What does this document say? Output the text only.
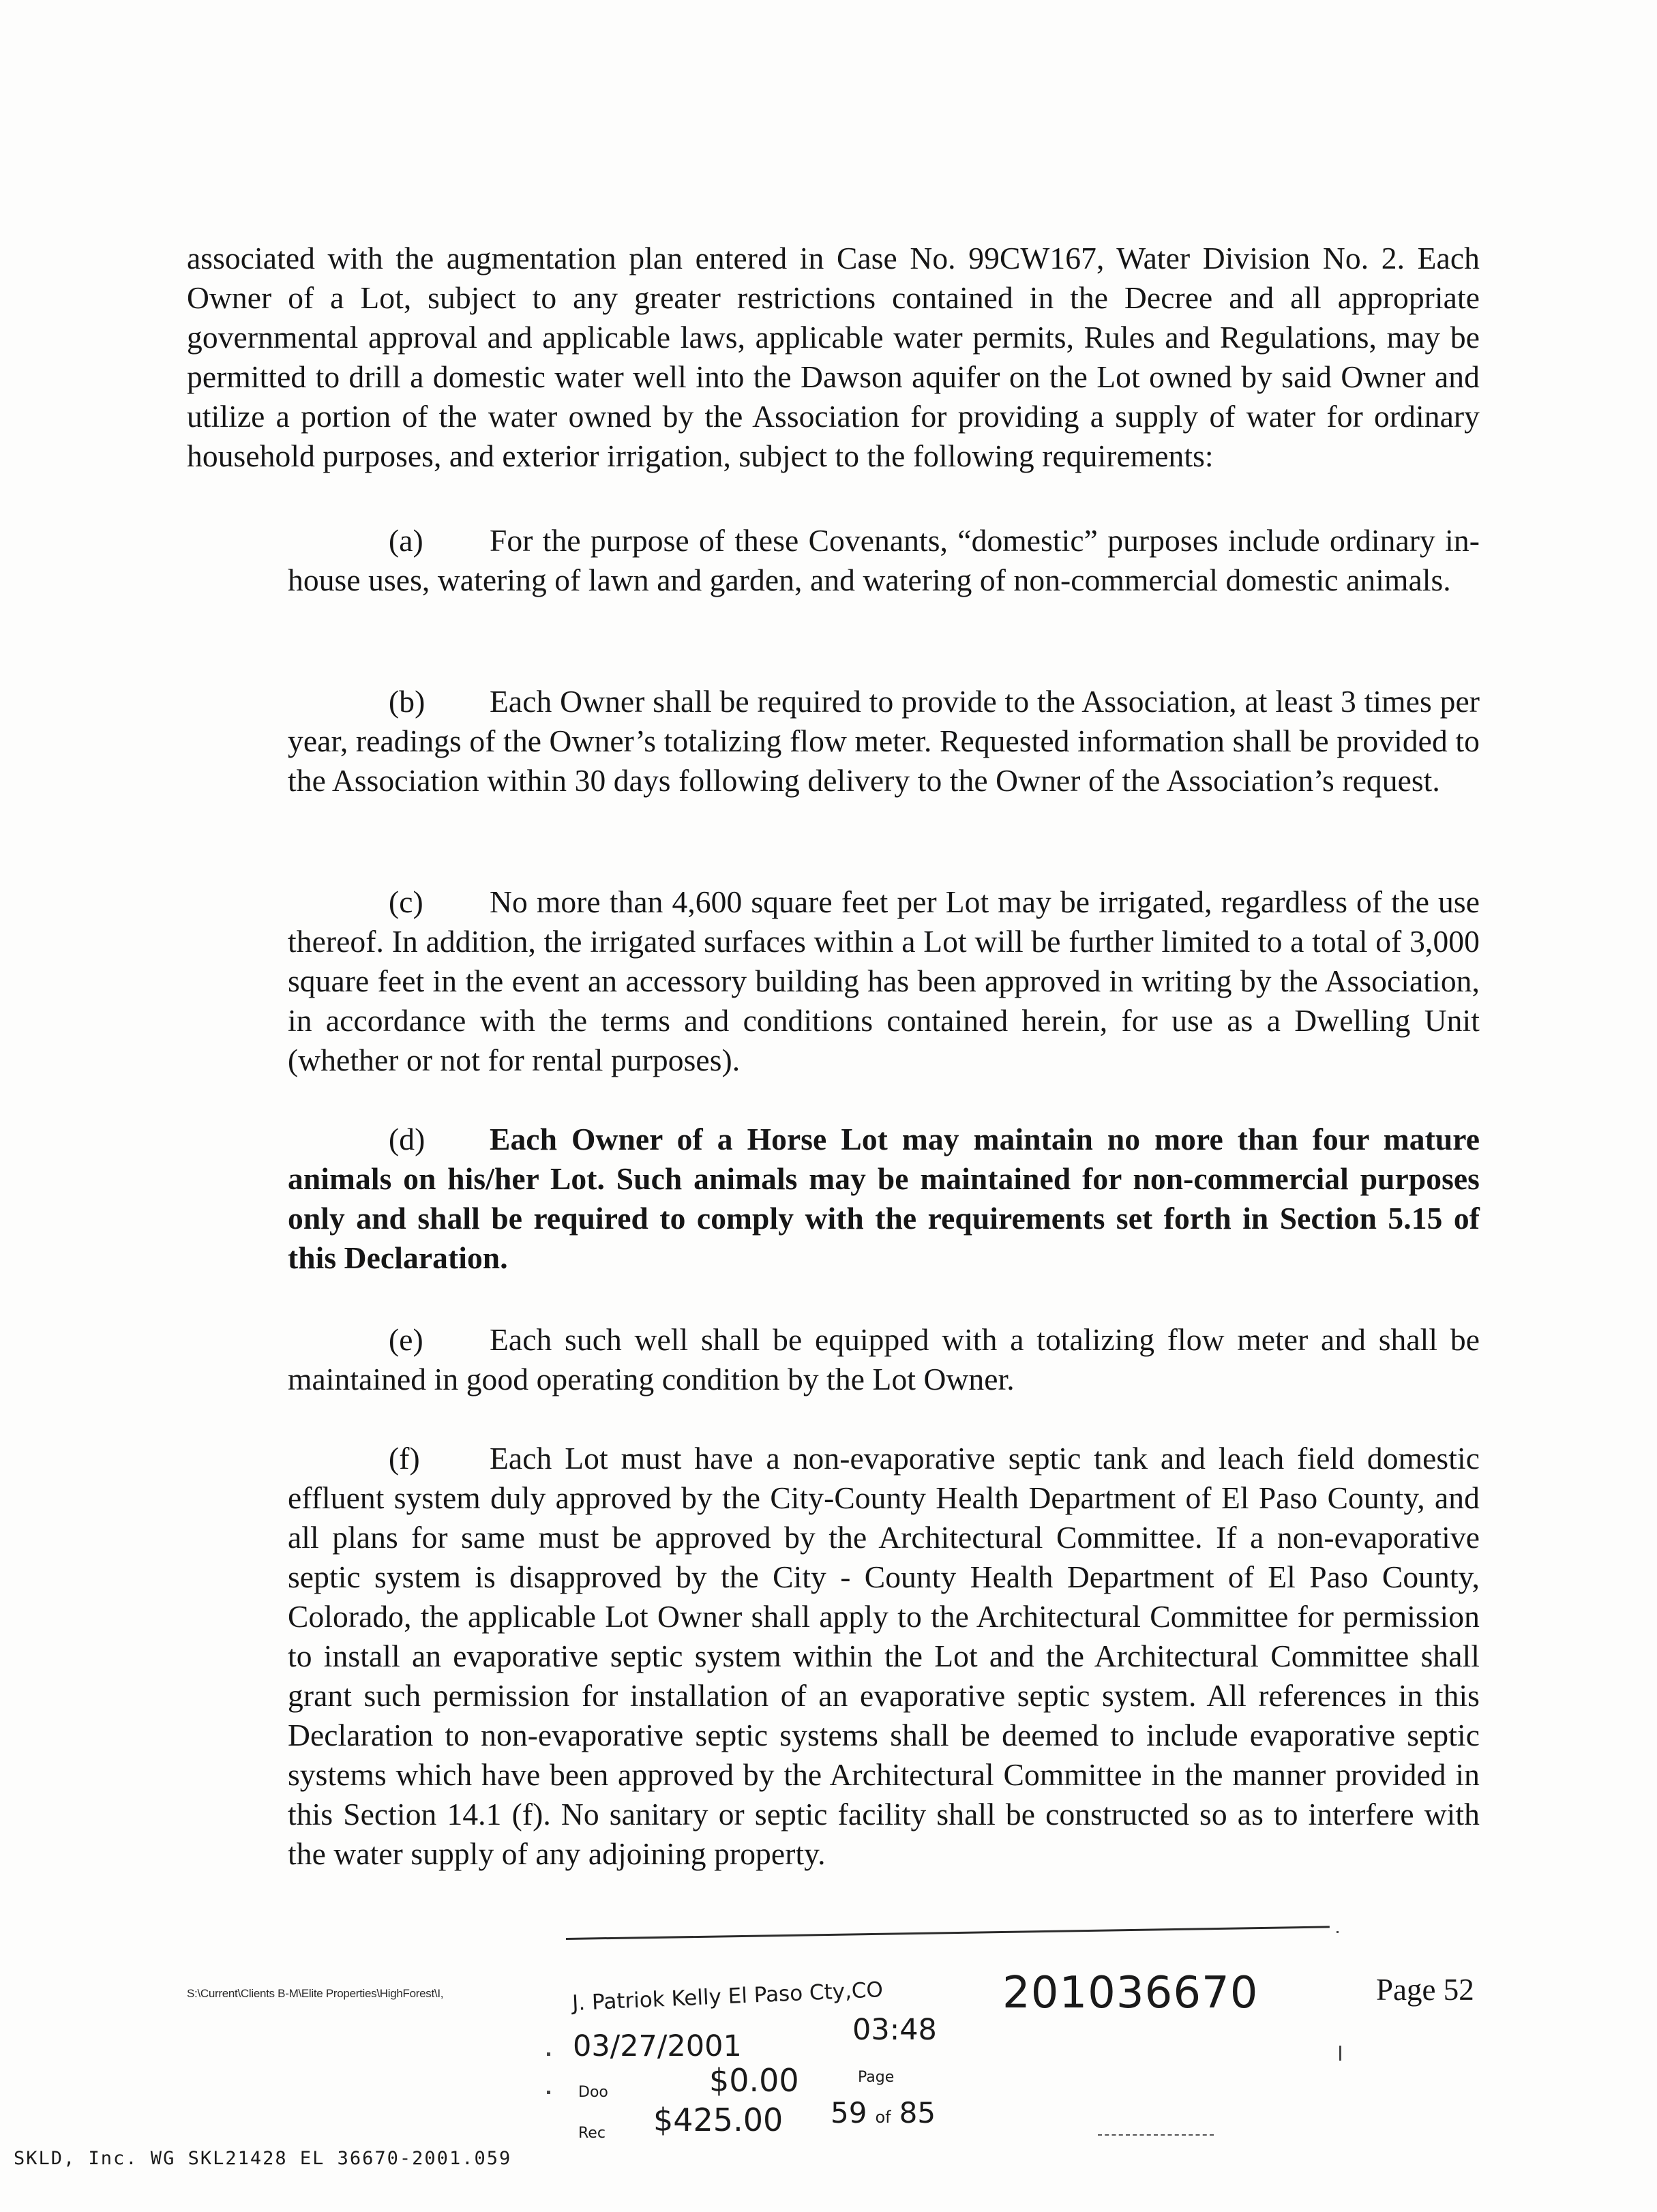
associated with the augmentation plan entered in Case No. 99CW167, Water Division No. 2. Each Owner of a Lot, subject to any greater restrictions contained in the Decree and all appropriate governmental approval and applicable laws, applicable water permits, Rules and Regulations, may be permitted to drill a domestic water well into the Dawson aquifer on the Lot owned by said Owner and utilize a portion of the water owned by the Association for providing a supply of water for ordinary household purposes, and exterior irrigation, subject to the following requirements:

(a) For the purpose of these Covenants, “domestic” purposes include ordinary in-house uses, watering of lawn and garden, and watering of non-commercial domestic animals.

(b) Each Owner shall be required to provide to the Association, at least 3 times per year, readings of the Owner’s totalizing flow meter. Requested information shall be provided to the Association within 30 days following delivery to the Owner of the Association’s request.

(c) No more than 4,600 square feet per Lot may be irrigated, regardless of the use thereof. In addition, the irrigated surfaces within a Lot will be further limited to a total of 3,000 square feet in the event an accessory building has been approved in writing by the Association, in accordance with the terms and conditions contained herein, for use as a Dwelling Unit (whether or not for rental purposes).

(d) Each Owner of a Horse Lot may maintain no more than four mature animals on his/her Lot. Such animals may be maintained for non-commercial purposes only and shall be required to comply with the requirements set forth in Section 5.15 of this Declaration.

(e) Each such well shall be equipped with a totalizing flow meter and shall be maintained in good operating condition by the Lot Owner.

(f) Each Lot must have a non-evaporative septic tank and leach field domestic effluent system duly approved by the City-County Health Department of El Paso County, and all plans for same must be approved by the Architectural Committee. If a non-evaporative septic system is disapproved by the City - County Health Department of El Paso County, Colorado, the applicable Lot Owner shall apply to the Architectural Committee for permission to install an evaporative septic system within the Lot and the Architectural Committee shall grant such permission for installation of an evaporative septic system. All references in this Declaration to non-evaporative septic systems shall be deemed to include evaporative septic systems which have been approved by the Architectural Committee in the manner provided in this Section 14.1 (f). No sanitary or septic facility shall be constructed so as to interfere with the water supply of any adjoining property.

S:\Current\Clients B-M\Elite Properties\HighForest\I,	Page 52
J. Patriok Kelly El Paso Cty,CO	201036670
03/27/2001	03:48
Doo	$0.00	Page
Rec $425.00 59 of 85
SKLD, Inc. WG SKL21428 EL 36670-2001.059
